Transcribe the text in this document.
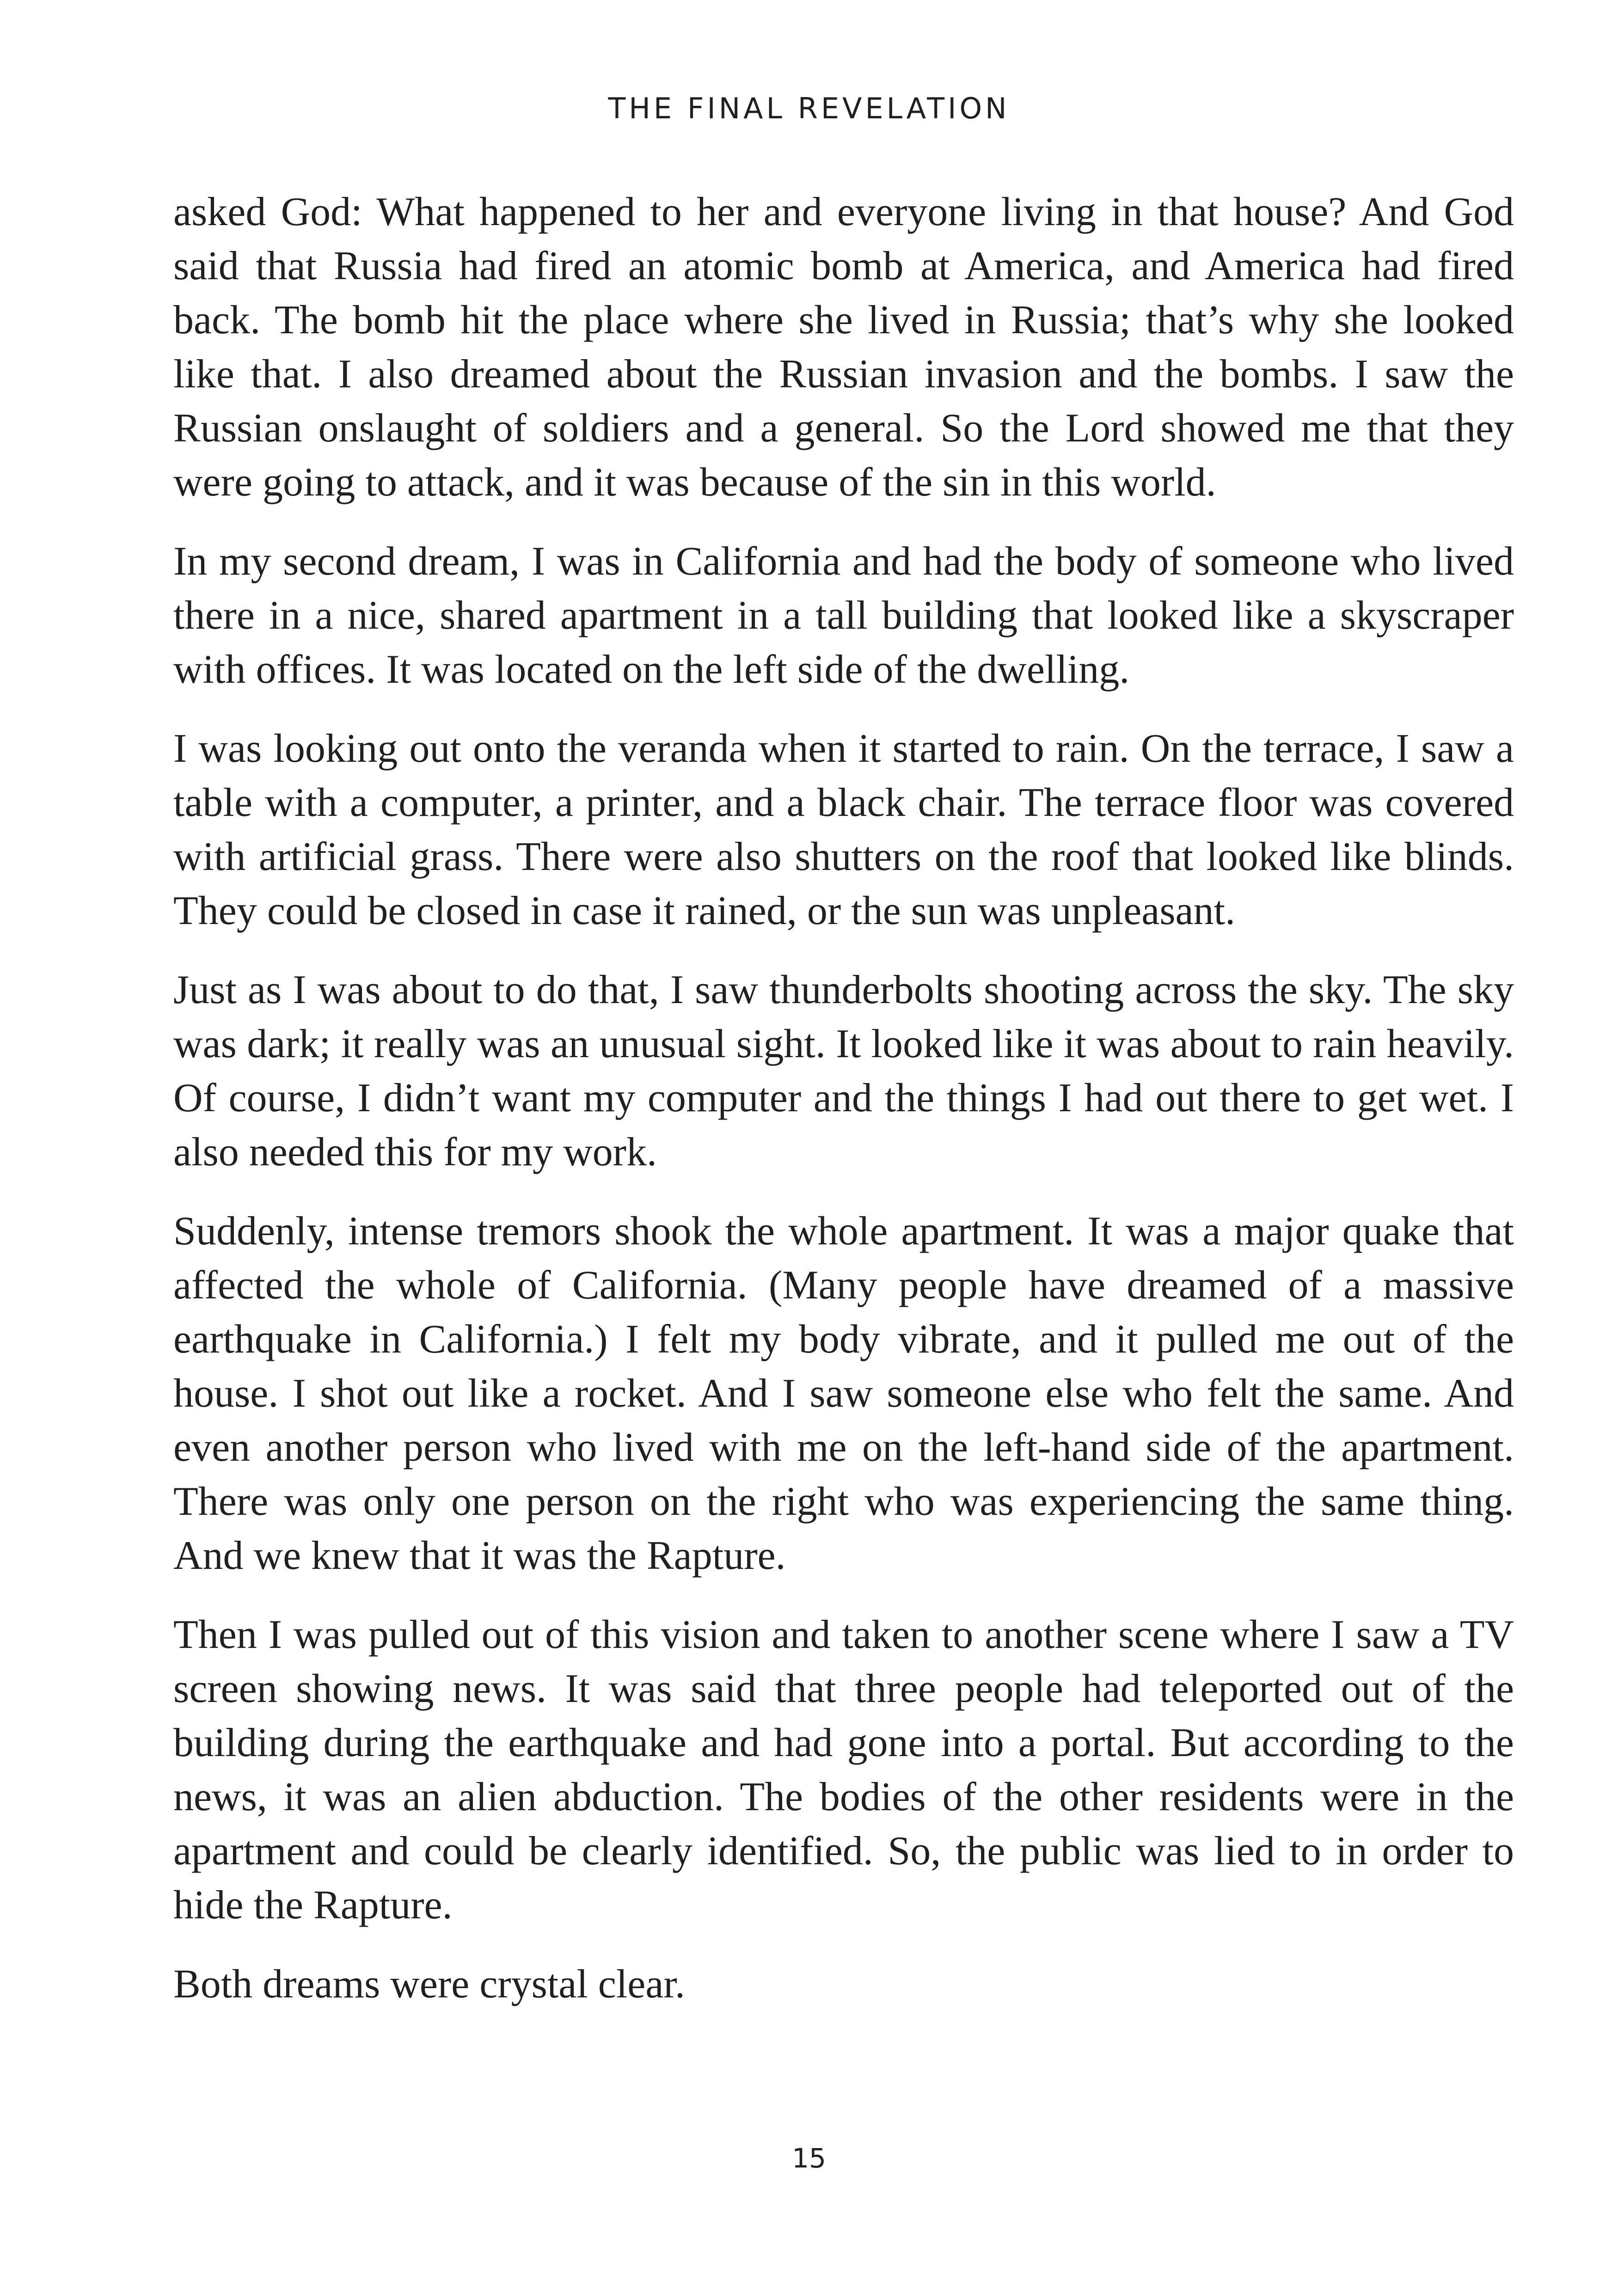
THE FINAL REVELATION

asked God: What happened to her and everyone living in that house? And God said that Russia had fired an atomic bomb at America, and America had fired back. The bomb hit the place where she lived in Russia; that’s why she looked like that. I also dreamed about the Russian invasion and the bombs. I saw the Russian onslaught of soldiers and a general. So the Lord showed me that they were going to attack, and it was because of the sin in this world.

In my second dream, I was in California and had the body of someone who lived there in a nice, shared apartment in a tall building that looked like a skyscraper with offices. It was located on the left side of the dwelling.

I was looking out onto the veranda when it started to rain. On the terrace, I saw a table with a computer, a printer, and a black chair. The terrace floor was covered with artificial grass. There were also shutters on the roof that looked like blinds. They could be closed in case it rained, or the sun was unpleasant.

Just as I was about to do that, I saw thunderbolts shooting across the sky. The sky was dark; it really was an unusual sight. It looked like it was about to rain heavily. Of course, I didn’t want my computer and the things I had out there to get wet. I also needed this for my work.

Suddenly, intense tremors shook the whole apartment. It was a major quake that affected the whole of California. (Many people have dreamed of a massive earthquake in California.) I felt my body vibrate, and it pulled me out of the house. I shot out like a rocket. And I saw someone else who felt the same. And even another person who lived with me on the left-hand side of the apartment. There was only one person on the right who was experiencing the same thing. And we knew that it was the Rapture.

Then I was pulled out of this vision and taken to another scene where I saw a TV screen showing news. It was said that three people had teleported out of the building during the earthquake and had gone into a portal. But according to the news, it was an alien abduction. The bodies of the other residents were in the apartment and could be clearly identified. So, the public was lied to in order to hide the Rapture.

Both dreams were crystal clear.

15
